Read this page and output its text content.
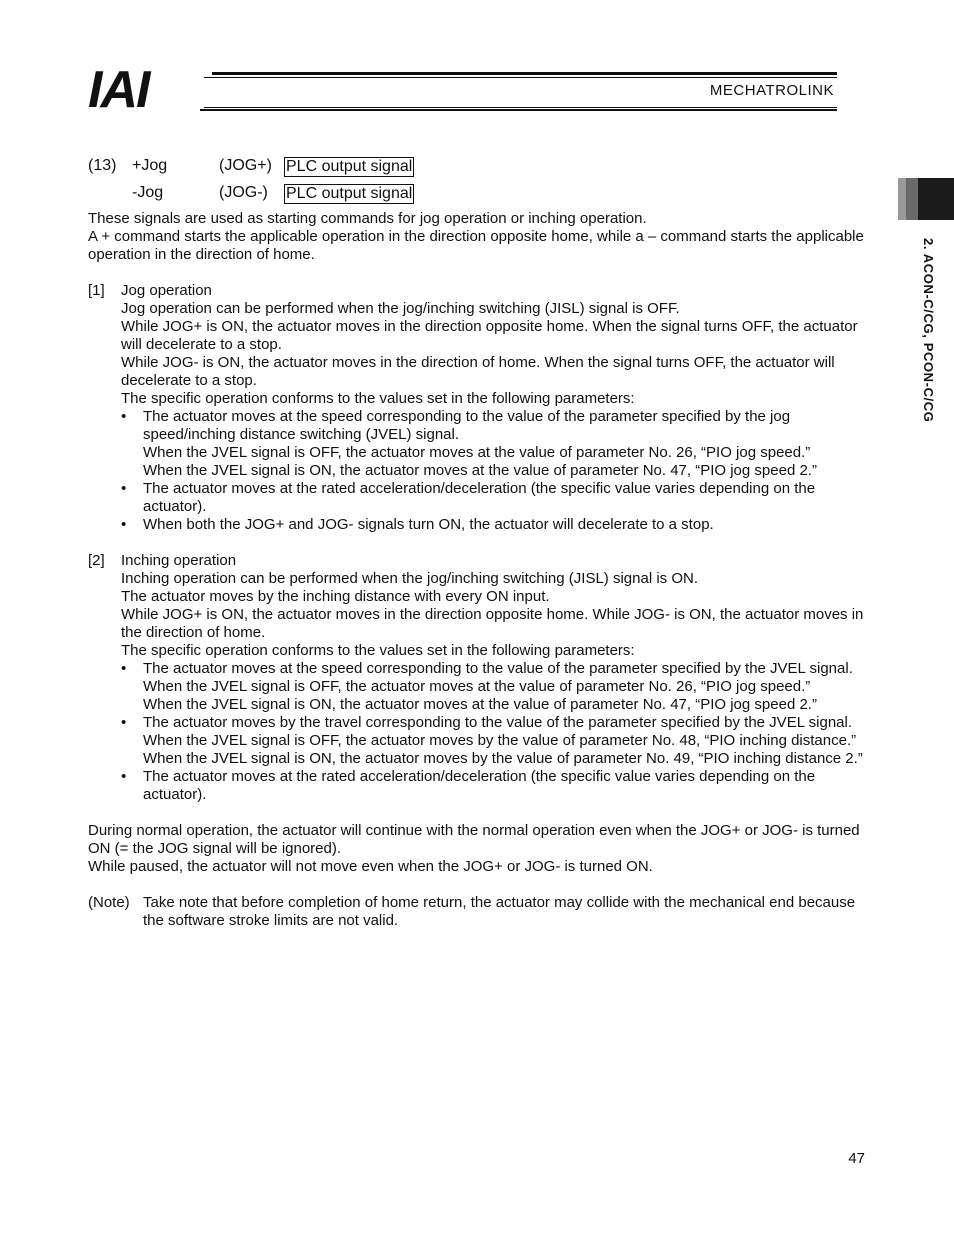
IAI	MECHATROLINK
2. ACON-C/CG, PCON-C/CG
(13) +Jog	(JOG+) PLC output signal
-Jog	(JOG-) PLC output signal

These signals are used as starting commands for jog operation or inching operation.

A + command starts the applicable operation in the direction opposite home, while a – command starts the applicable operation in the direction of home.

[1] Jog operation

Jog operation can be performed when the jog/inching switching (JISL) signal is OFF.

While JOG+ is ON, the actuator moves in the direction opposite home. When the signal turns OFF, the actuator will decelerate to a stop.

While JOG- is ON, the actuator moves in the direction of home. When the signal turns OFF, the actuator will decelerate to a stop.

The specific operation conforms to the values set in the following parameters:

• The actuator moves at the speed corresponding to the value of the parameter specified by the jog speed/inching distance switching (JVEL) signal.

When the JVEL signal is OFF, the actuator moves at the value of parameter No. 26, “PIO jog speed.”

When the JVEL signal is ON, the actuator moves at the value of parameter No. 47, “PIO jog speed 2.”

• The actuator moves at the rated acceleration/deceleration (the specific value varies depending on the actuator).

• When both the JOG+ and JOG- signals turn ON, the actuator will decelerate to a stop.

[2] Inching operation

Inching operation can be performed when the jog/inching switching (JISL) signal is ON.

The actuator moves by the inching distance with every ON input.

While JOG+ is ON, the actuator moves in the direction opposite home. While JOG- is ON, the actuator moves in the direction of home.

The specific operation conforms to the values set in the following parameters:

• The actuator moves at the speed corresponding to the value of the parameter specified by the JVEL signal.

When the JVEL signal is OFF, the actuator moves at the value of parameter No. 26, “PIO jog speed.”

When the JVEL signal is ON, the actuator moves at the value of parameter No. 47, “PIO jog speed 2.”

• The actuator moves by the travel corresponding to the value of the parameter specified by the JVEL signal.

When the JVEL signal is OFF, the actuator moves by the value of parameter No. 48, “PIO inching distance.”

When the JVEL signal is ON, the actuator moves by the value of parameter No. 49, “PIO inching distance 2.”

• The actuator moves at the rated acceleration/deceleration (the specific value varies depending on the actuator).

During normal operation, the actuator will continue with the normal operation even when the JOG+ or JOG- is turned ON (= the JOG signal will be ignored).

While paused, the actuator will not move even when the JOG+ or JOG- is turned ON.

(Note) Take note that before completion of home return, the actuator may collide with the mechanical end because the software stroke limits are not valid.

47
